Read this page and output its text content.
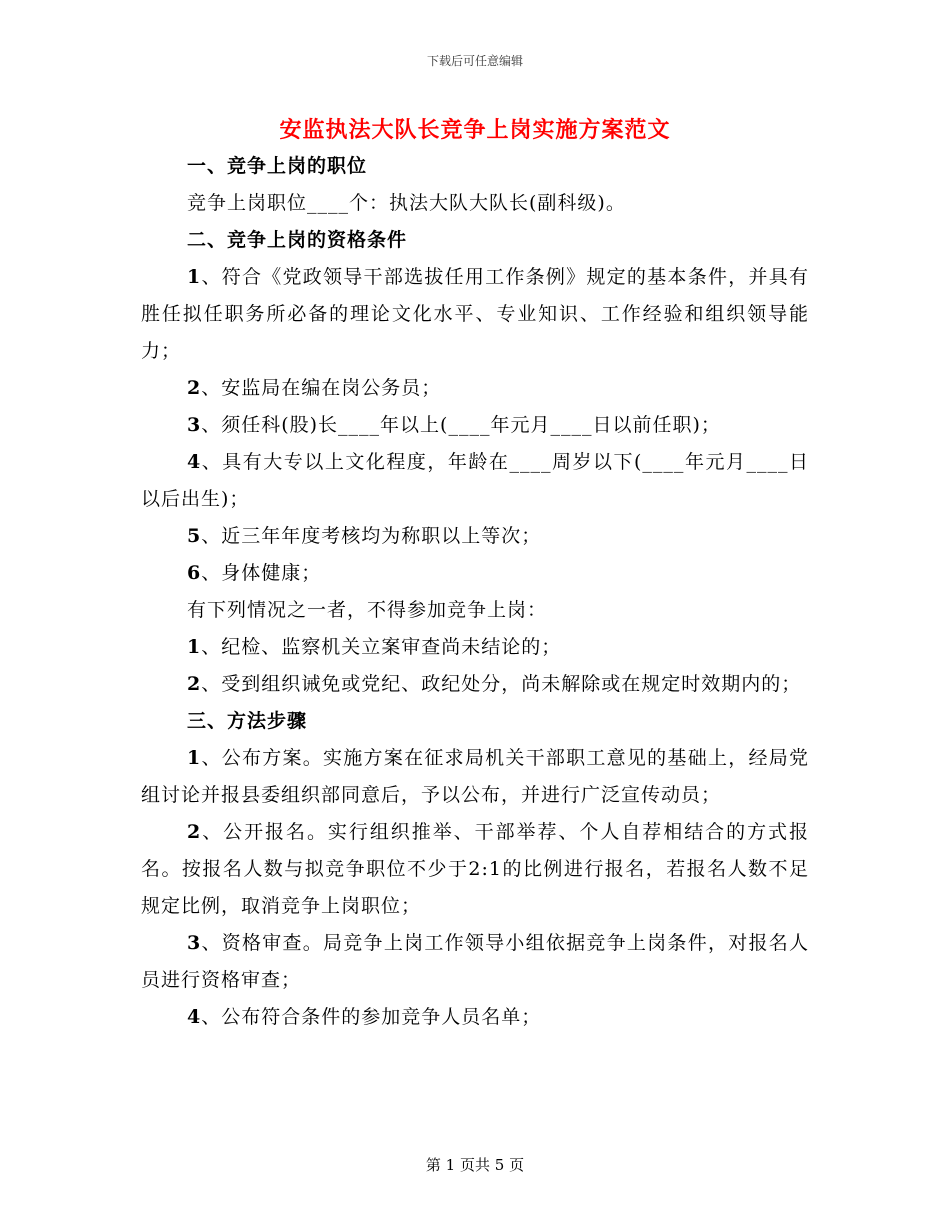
下载后可任意编辑
安监执法大队长竞争上岗实施方案范文

一、竞争上岗的职位

竞争上岗职位____个：执法大队大队长(副科级)。

二、竞争上岗的资格条件

1、符合《党政领导干部选拔任用工作条例》规定的基本条件，并具有胜任拟任职务所必备的理论文化水平、专业知识、工作经验和组织领导能力；

2、安监局在编在岗公务员；

3、须任科(股)长____年以上(____年元月____日以前任职)；

4、具有大专以上文化程度，年龄在____周岁以下(____年元月____日以后出生)；

5、近三年年度考核均为称职以上等次；

6、身体健康；

有下列情况之一者，不得参加竞争上岗：

1、纪检、监察机关立案审查尚未结论的；

2、受到组织诫免或党纪、政纪处分，尚未解除或在规定时效期内的；

三、方法步骤

1、公布方案。实施方案在征求局机关干部职工意见的基础上，经局党组讨论并报县委组织部同意后，予以公布，并进行广泛宣传动员；

2、公开报名。实行组织推举、干部举荐、个人自荐相结合的方式报名。按报名人数与拟竞争职位不少于2:1的比例进行报名，若报名人数不足规定比例，取消竞争上岗职位；

3、资格审查。局竞争上岗工作领导小组依据竞争上岗条件，对报名人员进行资格审查；

4、公布符合条件的参加竞争人员名单；

第 1 页共 5 页
